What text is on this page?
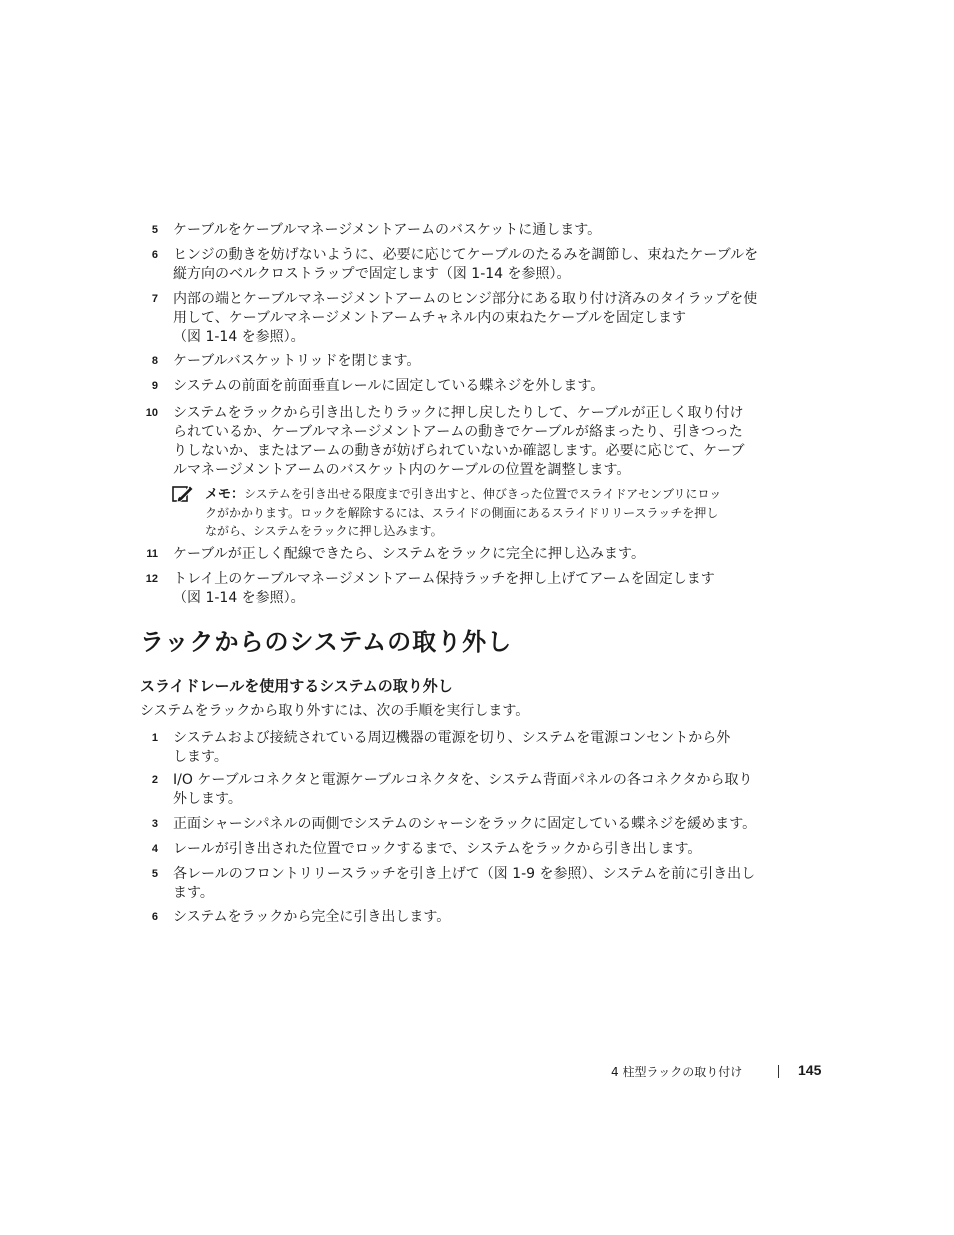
5 ケーブルをケーブルマネージメントアームのバスケットに通します。
6 ヒンジの動きを妨げないように、必要に応じてケーブルのたるみを調節し、束ねたケーブルを
縦方向のベルクロストラップで固定します（図 1-14 を参照）。
7 内部の端とケーブルマネージメントアームのヒンジ部分にある取り付け済みのタイラップを使
用して、ケーブルマネージメントアームチャネル内の束ねたケーブルを固定します
（図 1-14 を参照）。
8 ケーブルバスケットリッドを閉じます。
9 システムの前面を前面垂直レールに固定している蝶ネジを外します。
10 システムをラックから引き出したりラックに押し戻したりして、ケーブルが正しく取り付け
られているか、ケーブルマネージメントアームの動きでケーブルが絡まったり、引きつった
りしないか、またはアームの動きが妨げられていないか確認します。必要に応じて、ケーブ
ルマネージメントアームのバスケット内のケーブルの位置を調整します。
メモ：システムを引き出せる限度まで引き出すと、伸びきった位置でスライドアセンブリにロッ
クがかかります。ロックを解除するには、スライドの側面にあるスライドリリースラッチを押し
ながら、システムをラックに押し込みます。
11 ケーブルが正しく配線できたら、システムをラックに完全に押し込みます。
12 トレイ上のケーブルマネージメントアーム保持ラッチを押し上げてアームを固定します
（図 1-14 を参照）。
ラックからのシステムの取り外し
スライドレールを使用するシステムの取り外し
システムをラックから取り外すには、次の手順を実行します。
1 システムおよび接続されている周辺機器の電源を切り、システムを電源コンセントから外
します。
2 I/O ケーブルコネクタと電源ケーブルコネクタを、システム背面パネルの各コネクタから取り
外します。
3 正面シャーシパネルの両側でシステムのシャーシをラックに固定している蝶ネジを緩めます。
4 レールが引き出された位置でロックするまで、システムをラックから引き出します。
5 各レールのフロントリリースラッチを引き上げて（図 1-9 を参照）、システムを前に引き出し
ます。
6 システムをラックから完全に引き出します。
4 柱型ラックの取り付け	145
